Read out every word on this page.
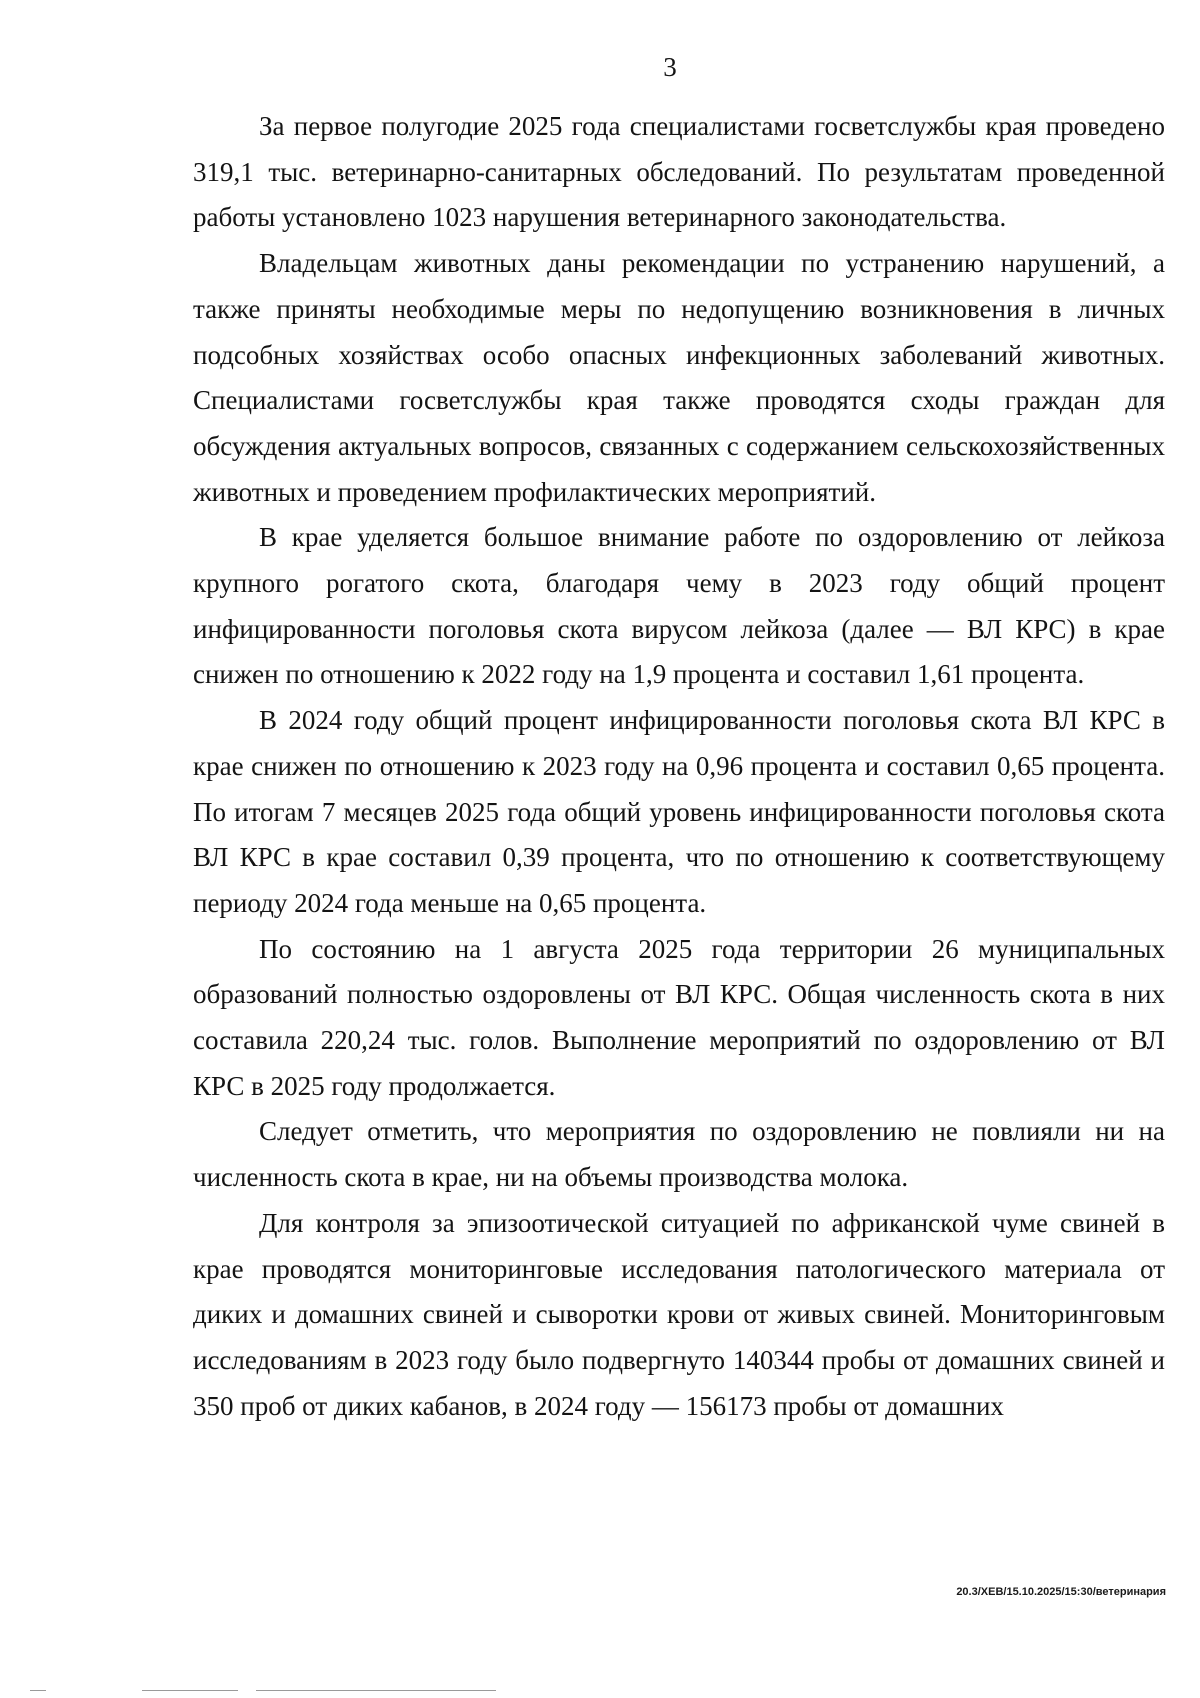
3

За первое полугодие 2025 года специалистами госветслужбы края проведено 319,1 тыс. ветеринарно-санитарных обследований. По результатам проведенной работы установлено 1023 нарушения ветеринарного законодательства.

Владельцам животных даны рекомендации по устранению нарушений, а также приняты необходимые меры по недопущению возникновения в личных подсобных хозяйствах особо опасных инфекционных заболеваний животных. Специалистами госветслужбы края также проводятся сходы граждан для обсуждения актуальных вопросов, связанных с содержанием сельскохозяйственных животных и проведением профилактических мероприятий.

В крае уделяется большое внимание работе по оздоровлению от лейкоза крупного рогатого скота, благодаря чему в 2023 году общий процент инфицированности поголовья скота вирусом лейкоза (далее — ВЛ КРС) в крае снижен по отношению к 2022 году на 1,9 процента и составил 1,61 процента.

В 2024 году общий процент инфицированности поголовья скота ВЛ КРС в крае снижен по отношению к 2023 году на 0,96 процента и составил 0,65 процента. По итогам 7 месяцев 2025 года общий уровень инфицированности поголовья скота ВЛ КРС в крае составил 0,39 процента, что по отношению к соответствующему периоду 2024 года меньше на 0,65 процента.

По состоянию на 1 августа 2025 года территории 26 муниципальных образований полностью оздоровлены от ВЛ КРС. Общая численность скота в них составила 220,24 тыс. голов. Выполнение мероприятий по оздоровлению от ВЛ КРС в 2025 году продолжается.

Следует отметить, что мероприятия по оздоровлению не повлияли ни на численность скота в крае, ни на объемы производства молока.

Для контроля за эпизоотической ситуацией по африканской чуме свиней в крае проводятся мониторинговые исследования патологического материала от диких и домашних свиней и сыворотки крови от живых свиней. Мониторинговым исследованиям в 2023 году было подвергнуто 140344 пробы от домашних свиней и 350 проб от диких кабанов, в 2024 году — 156173 пробы от домашних

20.3/ХЕВ/15.10.2025/15:30/ветеринария
